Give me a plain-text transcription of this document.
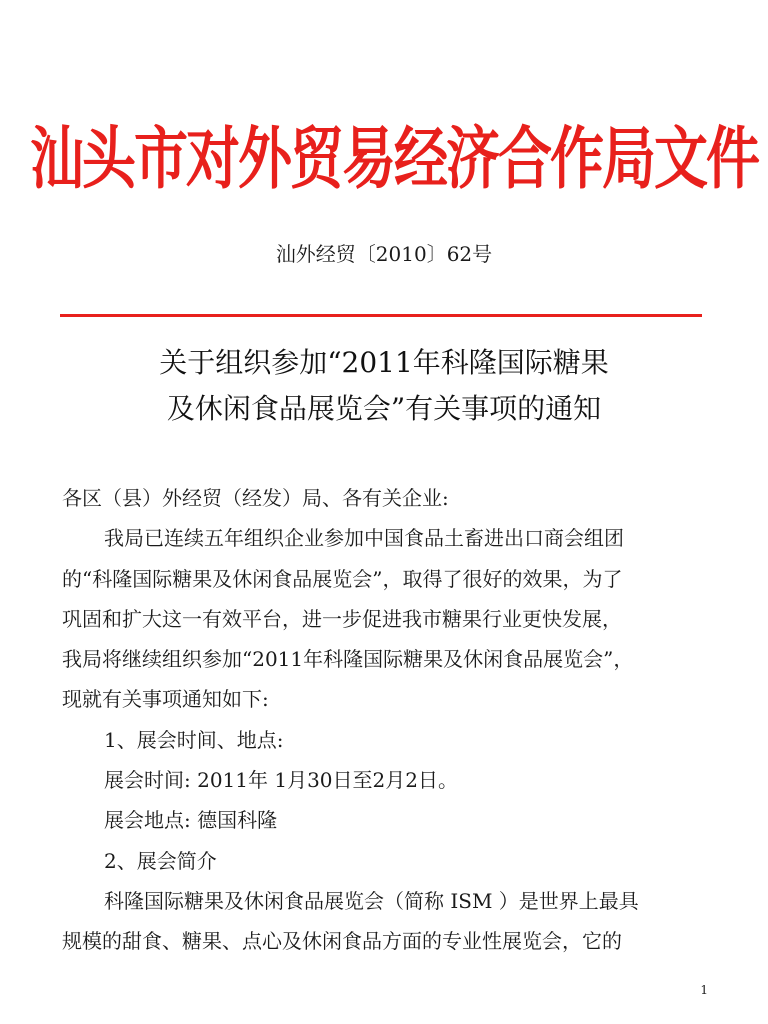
汕头市对外贸易经济合作局文件
汕外经贸〔2010〕62号
关于组织参加“2011年科隆国际糖果
及休闲食品展览会”有关事项的通知

各区（县）外经贸（经发）局、各有关企业:

我局已连续五年组织企业参加中国食品土畜进出口商会组团

的“科隆国际糖果及休闲食品展览会”，取得了很好的效果，为了

巩固和扩大这一有效平台，进一步促进我市糖果行业更快发展，

我局将继续组织参加“2011年科隆国际糖果及休闲食品展览会”，

现就有关事项通知如下:

1、展会时间、地点:

展会时间: 2011年 1月30日至2月2日。

展会地点: 德国科隆

2、展会简介

科隆国际糖果及休闲食品展览会（简称 ISM ）是世界上最具

规模的甜食、糖果、点心及休闲食品方面的专业性展览会，它的

1
